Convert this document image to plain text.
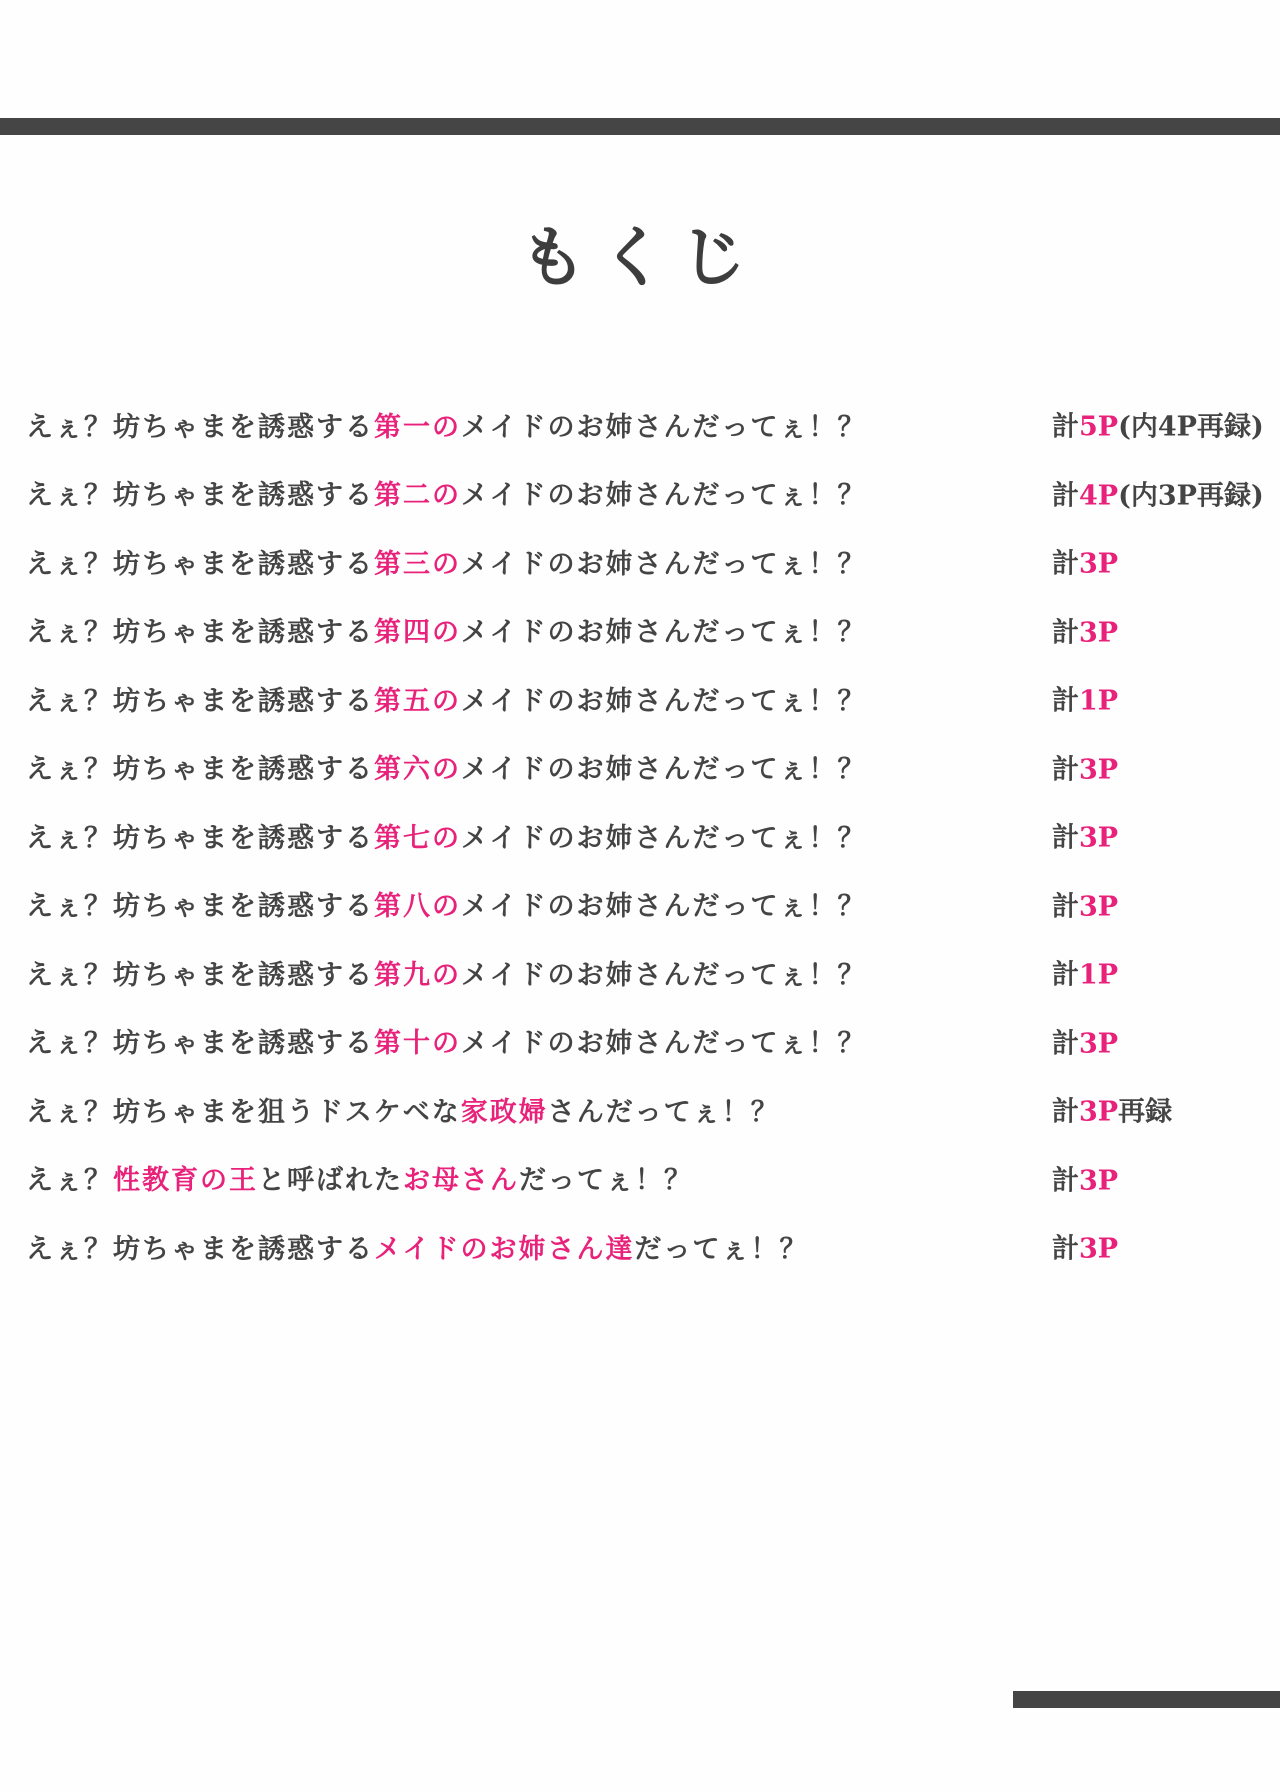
もくじ
えぇ？坊ちゃまを誘惑する第一のメイドのお姉さんだってぇ！？	計5P(内4P再録)
えぇ？坊ちゃまを誘惑する第二のメイドのお姉さんだってぇ！？	計4P(内3P再録)
えぇ？坊ちゃまを誘惑する第三のメイドのお姉さんだってぇ！？	計3P
えぇ？坊ちゃまを誘惑する第四のメイドのお姉さんだってぇ！？	計3P
えぇ？坊ちゃまを誘惑する第五のメイドのお姉さんだってぇ！？	計1P
えぇ？坊ちゃまを誘惑する第六のメイドのお姉さんだってぇ！？	計3P
えぇ？坊ちゃまを誘惑する第七のメイドのお姉さんだってぇ！？	計3P
えぇ？坊ちゃまを誘惑する第八のメイドのお姉さんだってぇ！？	計3P
えぇ？坊ちゃまを誘惑する第九のメイドのお姉さんだってぇ！？	計1P
えぇ？坊ちゃまを誘惑する第十のメイドのお姉さんだってぇ！？	計3P
えぇ？坊ちゃまを狙うドスケベな家政婦さんだってぇ！？	計3P再録
えぇ？性教育の王と呼ばれたお母さんだってぇ！？	計3P
えぇ？坊ちゃまを誘惑するメイドのお姉さん達だってぇ！？	計3P
